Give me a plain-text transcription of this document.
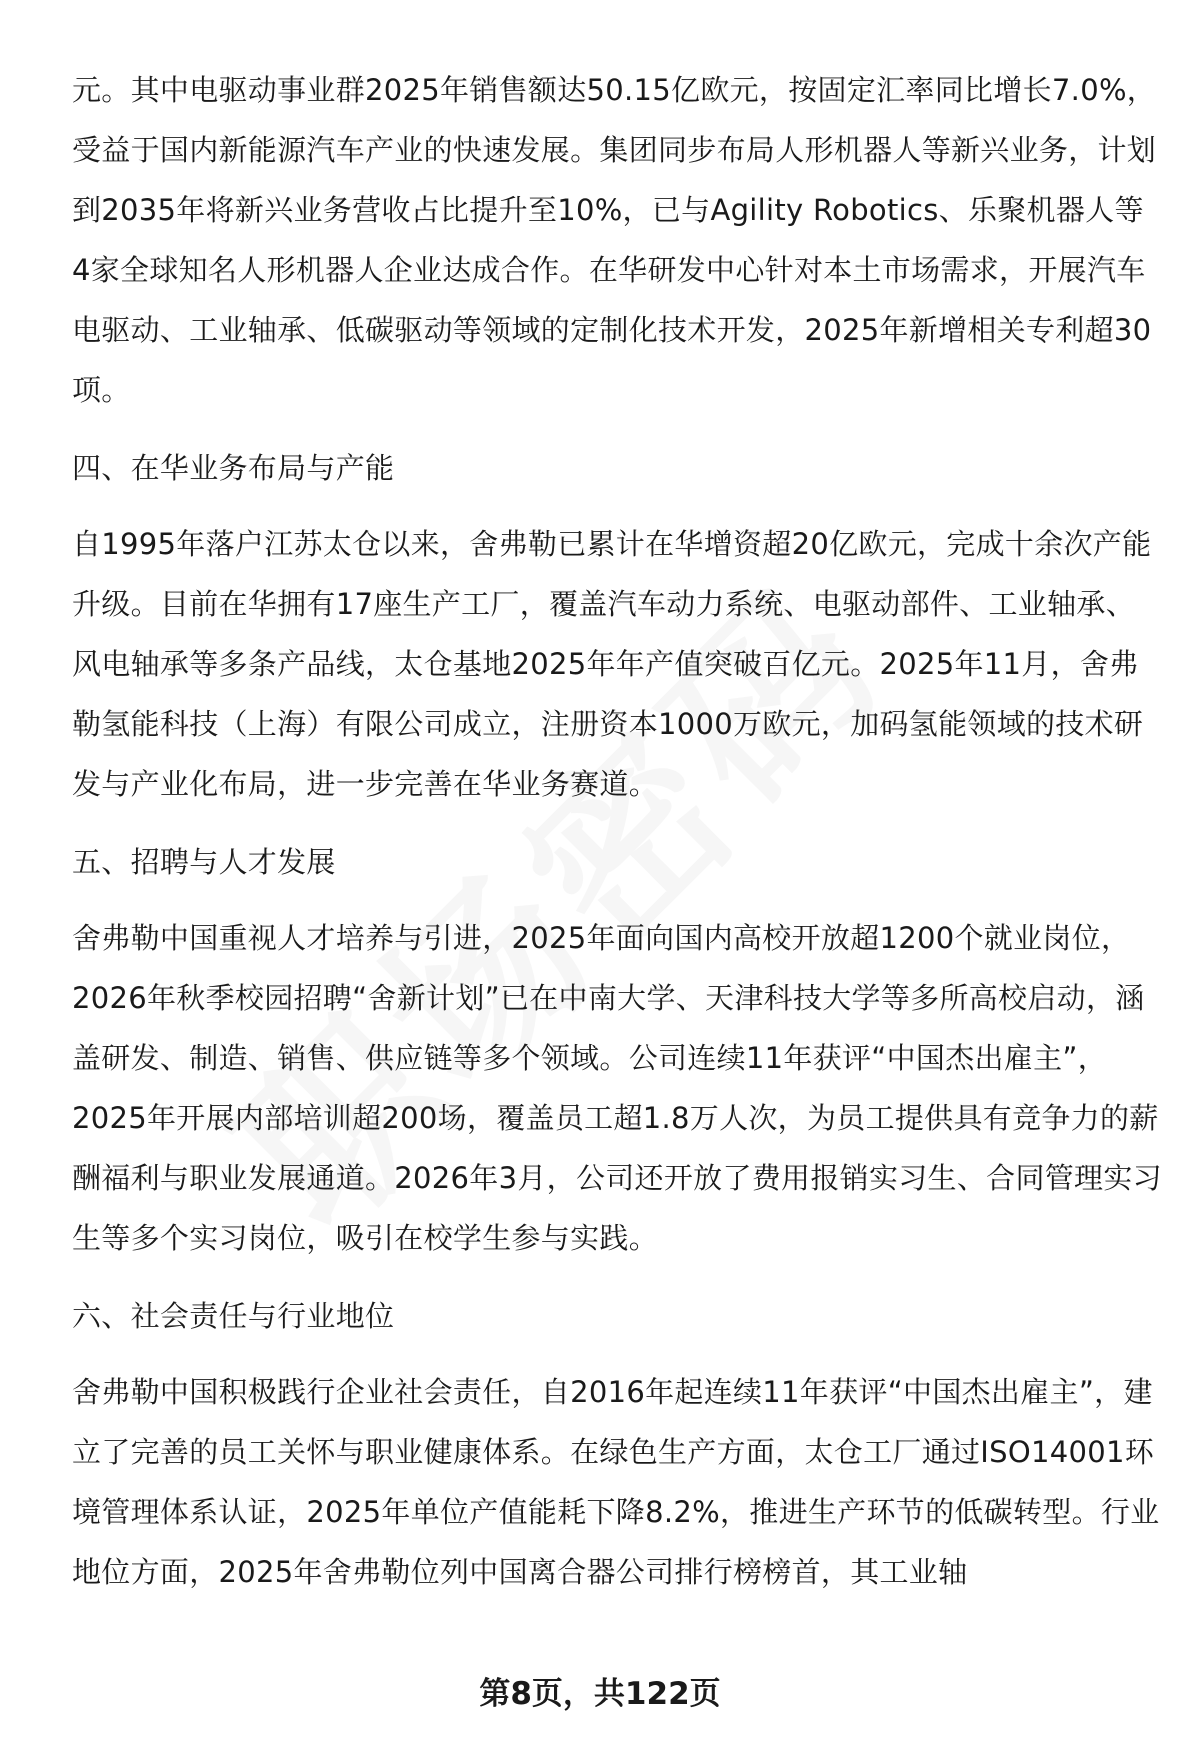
元。其中电驱动事业群2025年销售额达50.15亿欧元，按固定汇率同比增长7.0%，受益于国内新能源汽车产业的快速发展。集团同步布局人形机器人等新兴业务，计划到2035年将新兴业务营收占比提升至10%，已与Agility Robotics、乐聚机器人等4家全球知名人形机器人企业达成合作。在华研发中心针对本土市场需求，开展汽车电驱动、工业轴承、低碳驱动等领域的定制化技术开发，2025年新增相关专利超30项。

四、在华业务布局与产能

自1995年落户江苏太仓以来，舍弗勒已累计在华增资超20亿欧元，完成十余次产能升级。目前在华拥有17座生产工厂，覆盖汽车动力系统、电驱动部件、工业轴承、风电轴承等多条产品线，太仓基地2025年年产值突破百亿元。2025年11月，舍弗勒氢能科技（上海）有限公司成立，注册资本1000万欧元，加码氢能领域的技术研发与产业化布局，进一步完善在华业务赛道。

五、招聘与人才发展

舍弗勒中国重视人才培养与引进，2025年面向国内高校开放超1200个就业岗位，2026年秋季校园招聘“舍新计划”已在中南大学、天津科技大学等多所高校启动，涵盖研发、制造、销售、供应链等多个领域。公司连续11年获评“中国杰出雇主”，2025年开展内部培训超200场，覆盖员工超1.8万人次，为员工提供具有竞争力的薪酬福利与职业发展通道。2026年3月，公司还开放了费用报销实习生、合同管理实习生等多个实习岗位，吸引在校学生参与实践。

六、社会责任与行业地位

舍弗勒中国积极践行企业社会责任，自2016年起连续11年获评“中国杰出雇主”，建立了完善的员工关怀与职业健康体系。在绿色生产方面，太仓工厂通过ISO14001环境管理体系认证，2025年单位产值能耗下降8.2%，推进生产环节的低碳转型。行业地位方面，2025年舍弗勒位列中国离合器公司排行榜榜首，其工业轴

第8页，共122页
